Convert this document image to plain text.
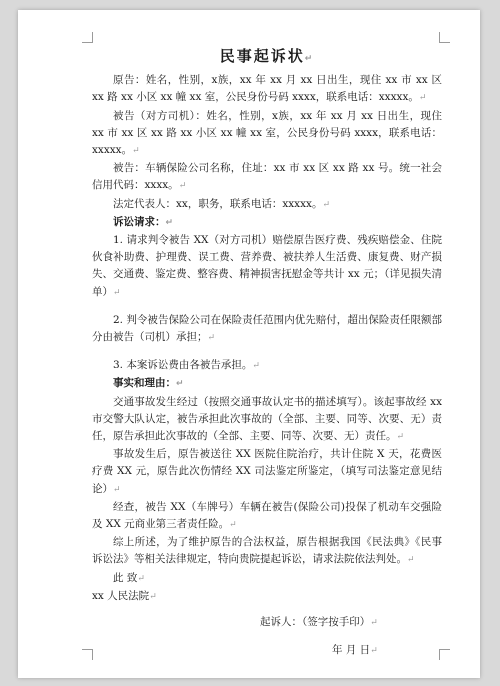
民事起诉状↵

原告：姓名，性别，x族，xx 年 xx 月 xx 日出生，现住 xx 市 xx 区 xx 路 xx 小区 xx 幢 xx 室，公民身份号码 xxxx，联系电话：xxxxx。↵

被告（对方司机）：姓名，性别，x族，xx 年 xx 月 xx 日出生，现住 xx 市 xx 区 xx 路 xx 小区 xx 幢 xx 室，公民身份号码 xxxx，联系电话：xxxxx。↵

被告：车辆保险公司名称，住址：xx 市 xx 区 xx 路 xx 号。统一社会信用代码：xxxx。↵

法定代表人：xx，职务，联系电话：xxxxx。↵

诉讼请求：↵

1. 请求判令被告 XX（对方司机）赔偿原告医疗费、残疾赔偿金、住院伙食补助费、护理费、误工费、营养费、被扶养人生活费、康复费、财产损失、交通费、鉴定费、整容费、精神损害抚慰金等共计 xx 元；（详见损失清单）↵

2. 判令被告保险公司在保险责任范围内优先赔付，超出保险责任限额部分由被告（司机）承担；↵

3. 本案诉讼费由各被告承担。↵

事实和理由：↵

交通事故发生经过（按照交通事故认定书的描述填写）。该起事故经 xx 市交警大队认定，被告承担此次事故的（全部、主要、同等、次要、无）责任，原告承担此次事故的（全部、主要、同等、次要、无）责任。↵

事故发生后，原告被送往 XX 医院住院治疗，共计住院 X 天，花费医疗费 XX 元，原告此次伤情经 XX 司法鉴定所鉴定，（填写司法鉴定意见结论）↵

经查，被告 XX（车牌号）车辆在被告(保险公司)投保了机动车交强险及 XX 元商业第三者责任险。↵

综上所述，为了维护原告的合法权益，原告根据我国《民法典》《民事诉讼法》等相关法律规定，特向贵院提起诉讼，请求法院依法判处。↵

此 致↵

xx 人民法院↵

起诉人：（签字按手印）↵

年 月 日↵
